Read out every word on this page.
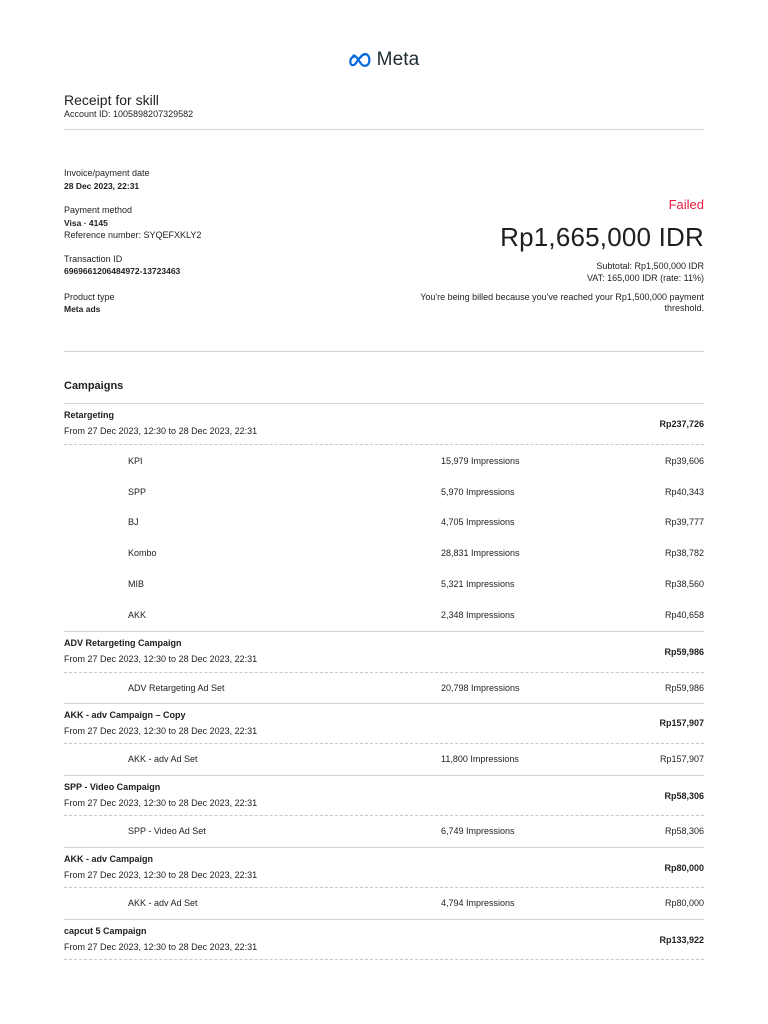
Meta
Receipt for skill
Account ID: 1005898207329582
Invoice/payment date
28 Dec 2023, 22:31
Payment method
Visa · 4145
Reference number: SYQEFXKLY2
Transaction ID
6969661206484972-13723463
Product type
Meta ads
Failed
Rp1,665,000 IDR
Subtotal: Rp1,500,000 IDR
VAT: 165,000 IDR (rate: 11%)
You're being billed because you've reached your Rp1,500,000 payment threshold.
Campaigns
Retargeting
From 27 Dec 2023, 12:30 to 28 Dec 2023, 22:31
Rp237,726
KPI	15,979 Impressions	Rp39,606
SPP	5,970 Impressions	Rp40,343
BJ	4,705 Impressions	Rp39,777
Kombo	28,831 Impressions	Rp38,782
MIB	5,321 Impressions	Rp38,560
AKK	2,348 Impressions	Rp40,658
ADV Retargeting Campaign
From 27 Dec 2023, 12:30 to 28 Dec 2023, 22:31
Rp59,986
ADV Retargeting Ad Set	20,798 Impressions	Rp59,986
AKK - adv Campaign – Copy
From 27 Dec 2023, 12:30 to 28 Dec 2023, 22:31
Rp157,907
AKK - adv Ad Set	11,800 Impressions	Rp157,907
SPP - Video Campaign
From 27 Dec 2023, 12:30 to 28 Dec 2023, 22:31
Rp58,306
SPP - Video Ad Set	6,749 Impressions	Rp58,306
AKK - adv Campaign
From 27 Dec 2023, 12:30 to 28 Dec 2023, 22:31
Rp80,000
AKK - adv Ad Set	4,794 Impressions	Rp80,000
capcut 5 Campaign
From 27 Dec 2023, 12:30 to 28 Dec 2023, 22:31
Rp133,922
